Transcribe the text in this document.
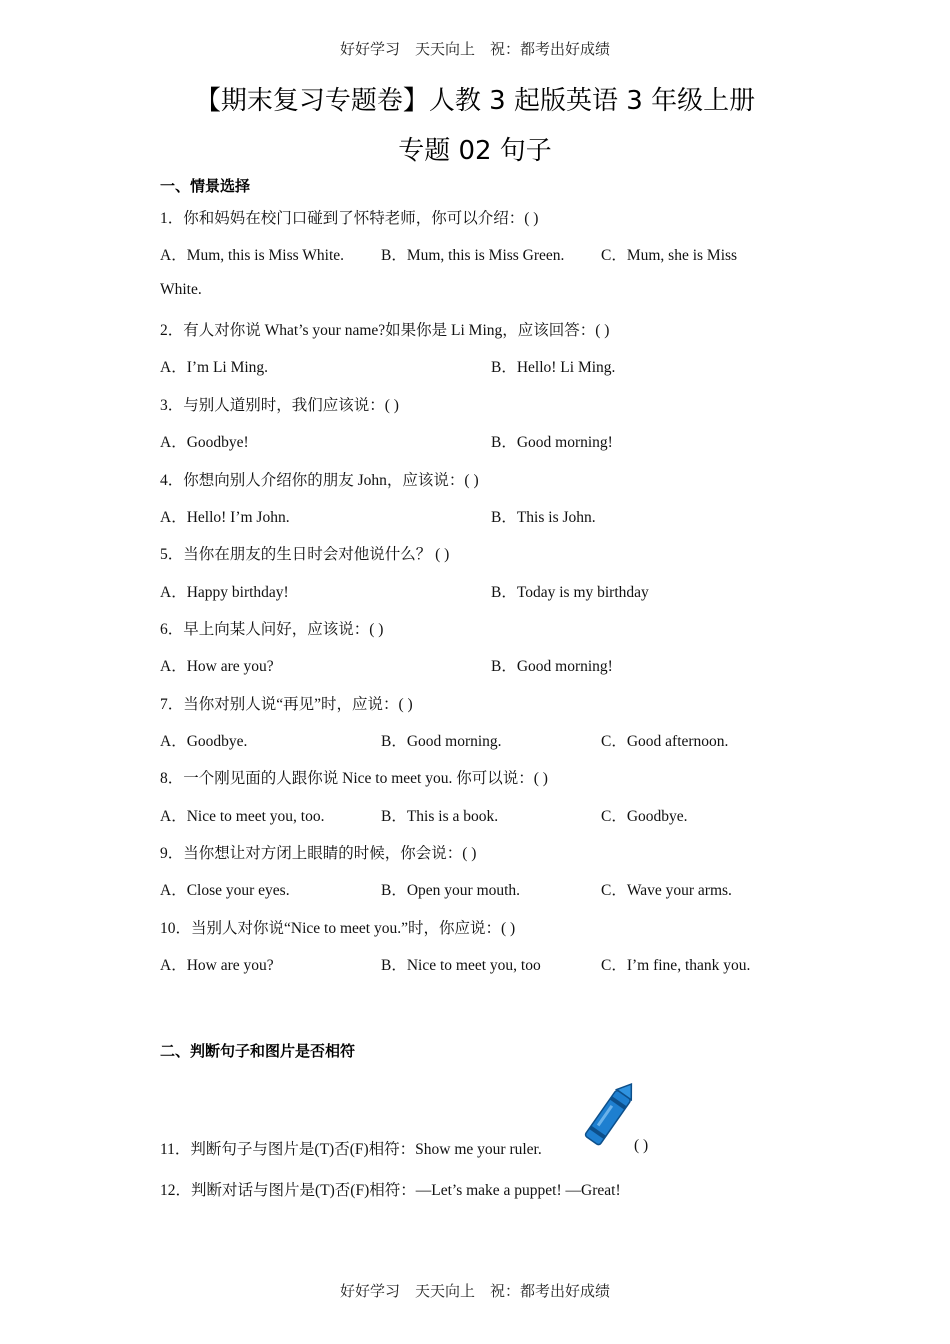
好好学习　天天向上　祝：都考出好成绩
【期末复习专题卷】人教 3 起版英语 3 年级上册
专题 02 句子
一、情景选择
1．你和妈妈在校门口碰到了怀特老师，你可以介绍：( )
A．Mum, this is Miss White. B．Mum, this is Miss Green. C．Mum, she is Miss
White.
2．有人对你说 What’s your name?如果你是 Li Ming，应该回答：( )
A．I’m Li Ming.	B．Hello! Li Ming.
3．与别人道别时，我们应该说：( )
A．Goodbye!	B．Good morning!
4．你想向别人介绍你的朋友 John，应该说：( )
A．Hello! I’m John.	B．This is John.
5．当你在朋友的生日时会对他说什么？ ( )
A．Happy birthday!	B．Today is my birthday
6．早上向某人问好，应该说：( )
A．How are you?	B．Good morning!
7．当你对别人说“再见”时，应说：( )
A．Goodbye.	B．Good morning.	C．Good afternoon.
8．一个刚见面的人跟你说 Nice to meet you. 你可以说：( )
A．Nice to meet you, too.	B．This is a book.	C．Goodbye.
9．当你想让对方闭上眼睛的时候，你会说：( )
A．Close your eyes.	B．Open your mouth.	C．Wave your arms.
10．当别人对你说“Nice to meet you.”时，你应说：( )
A．How are you?	B．Nice to meet you, too	C．I’m fine, thank you.
二、判断句子和图片是否相符
11．判断句子与图片是(T)否(F)相符：Show me your ruler.	( )
12．判断对话与图片是(T)否(F)相符：—Let’s make a puppet! —Great!
好好学习　天天向上　祝：都考出好成绩
